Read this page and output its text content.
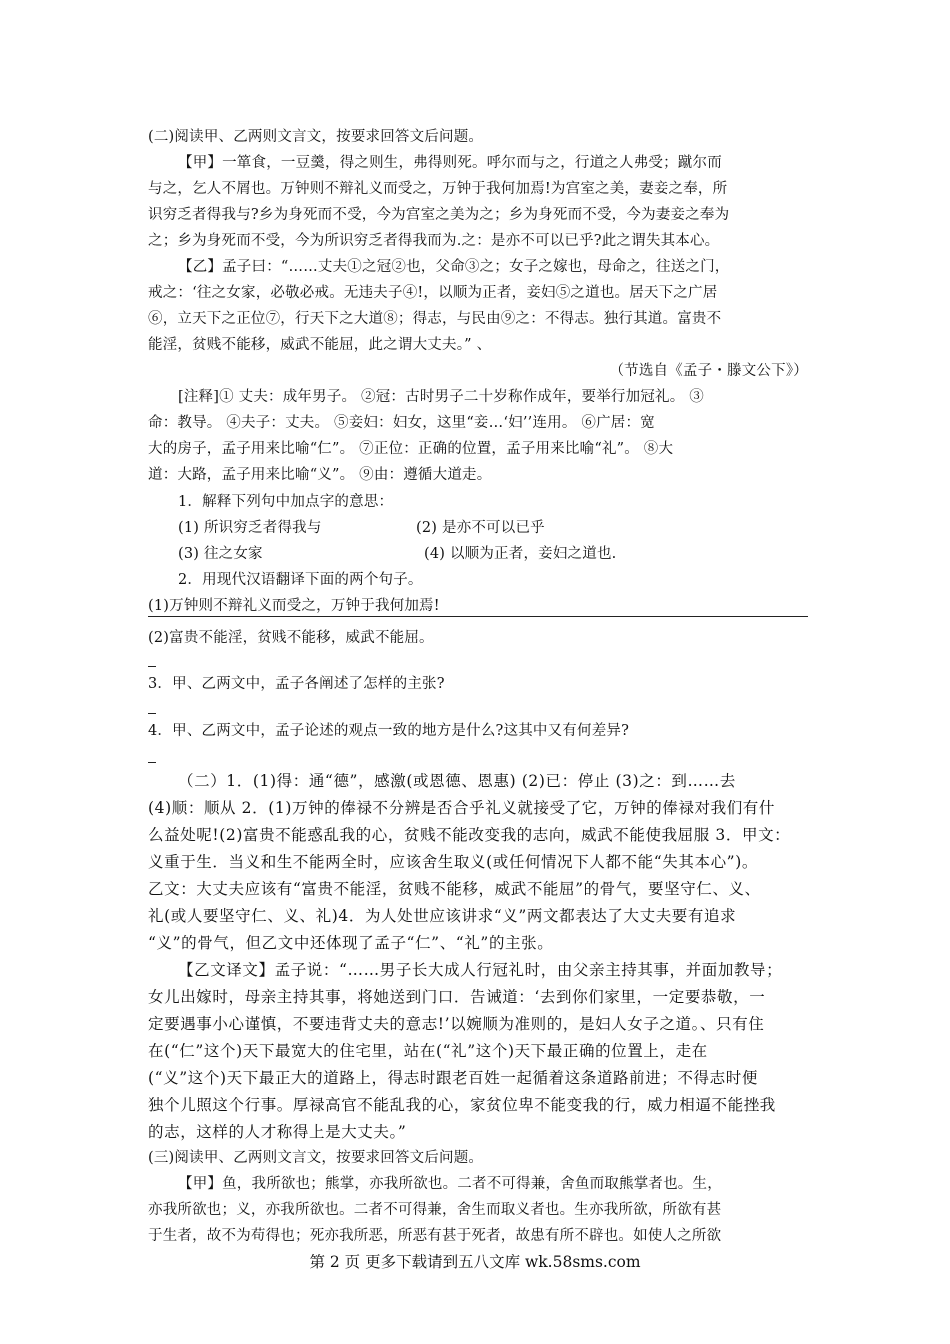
(二)阅读甲、乙两则文言文，按要求回答文后问题。
【甲】一箪食，一豆羹，得之则生，弗得则死。呼尔而与之，行道之人弗受；蹴尔而
与之，乞人不屑也。万钟则不辩礼义而受之，万钟于我何加焉!为宫室之美，妻妾之奉，所
识穷乏者得我与?乡为身死而不受，今为宫室之美为之；乡为身死而不受，今为妻妾之奉为
之；乡为身死而不受，今为所识穷乏者得我而为.之：是亦不可以已乎?此之谓失其本心。
【乙】孟子曰：“……丈夫①之冠②也，父命③之；女子之嫁也，母命之，往送之门，
戒之：‘往之女家，必敬必戒。无违夫子④!，以顺为正者，妾妇⑤之道也。居天下之广居
⑥，立天下之正位⑦，行天下之大道⑧；得志，与民由⑨之：不得志。独行其道。富贵不
能淫，贫贱不能移，威武不能屈，此之谓大丈夫。” 、
（节选自《孟子・滕文公下》）
[注释]① 丈夫：成年男子。 ②冠：古时男子二十岁称作成年，要举行加冠礼。 ③
命：教导。 ④夫子：丈夫。 ⑤妾妇：妇女，这里“妾…‘妇’’连用。 ⑥广居：宽
大的房子，孟子用来比喻“仁”。 ⑦正位：正确的位置，孟子用来比喻“礼”。 ⑧大
道：大路，孟子用来比喻“义”。 ⑨由：遵循大道走。
1．解释下列句中加点字的意思：
(1) 所识穷乏者得我与	(2) 是亦不可以已乎
(3) 往之女家	(4) 以顺为正者，妾妇之道也.
2．用现代汉语翻译下面的两个句子。
(1)万钟则不辩礼义而受之，万钟于我何加焉!
(2)富贵不能淫，贫贱不能移，威武不能屈。
3．甲、乙两文中，孟子各阐述了怎样的主张?
4．甲、乙两文中，孟子论述的观点一致的地方是什么?这其中又有何差异?
（二）1．(1)得：通“德”，感激(或恩德、恩惠) (2)已：停止 (3)之：到……去
(4)顺：顺从 2．(1)万钟的俸禄不分辨是否合乎礼义就接受了它，万钟的俸禄对我们有什
么益处呢!(2)富贵不能惑乱我的心，贫贱不能改变我的志向，威武不能使我屈服 3．甲文：
义重于生．当义和生不能两全时，应该舍生取义(或任何情况下人都不能“失其本心”)。
乙文：大丈夫应该有“富贵不能淫，贫贱不能移，威武不能屈”的骨气，要坚守仁、义、
礼(或人要坚守仁、义、礼)4．为人处世应该讲求“义”两文都表达了大丈夫要有追求
“义”的骨气，但乙文中还体现了孟子“仁”、“礼”的主张。
【乙文译文】孟子说：“……男子长大成人行冠礼时，由父亲主持其事，并面加教导；
女儿出嫁时，母亲主持其事，将她送到门口．告诫道：‘去到你们家里，一定要恭敬，一
定要遇事小心谨慎，不要违背丈夫的意志!’以婉顺为准则的，是妇人女子之道。、只有住
在(“仁”这个)天下最宽大的住宅里，站在(“礼”这个)天下最正确的位置上，走在
(“义”这个)天下最正大的道路上，得志时跟老百姓一起循着这条道路前进；不得志时便
独个儿照这个行事。厚禄高官不能乱我的心，家贫位卑不能变我的行，威力相逼不能挫我
的志，这样的人才称得上是大丈夫。”
(三)阅读甲、乙两则文言文，按要求回答文后问题。
【甲】鱼，我所欲也；熊掌，亦我所欲也。二者不可得兼，舍鱼而取熊掌者也。生，
亦我所欲也；义，亦我所欲也。二者不可得兼，舍生而取义者也。生亦我所欲，所欲有甚
于生者，故不为苟得也；死亦我所恶，所恶有甚于死者，故患有所不辟也。如使人之所欲
第 2 页 更多下载请到五八文库 wk.58sms.com
